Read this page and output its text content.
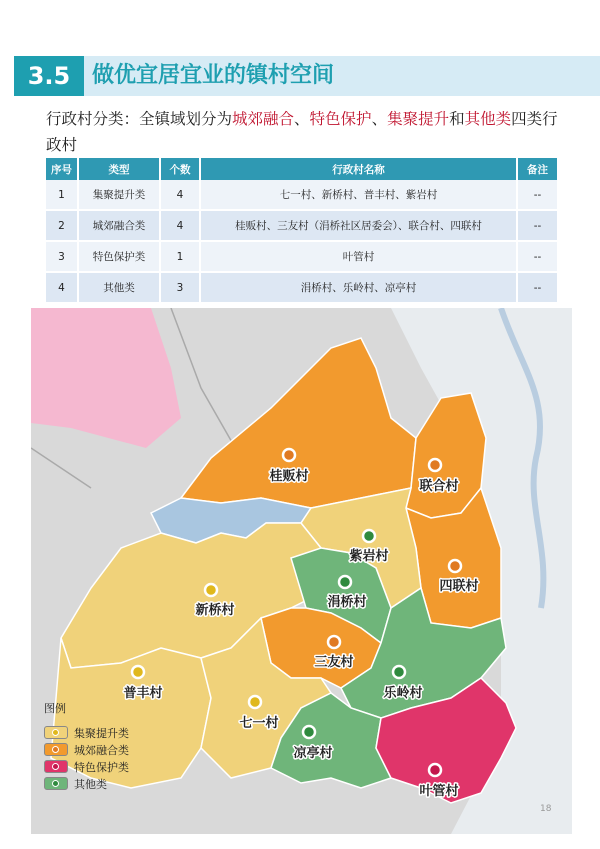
3.5 做优宜居宜业的镇村空间
行政村分类：全镇域划分为城郊融合、特色保护、集聚提升和其他类四类行政村
序号	类型	个数	行政村名称	备注
1	集聚提升类	4	七一村、新桥村、普丰村、紫岩村	--
2	城郊融合类	4	桂贩村、三友村（涓桥社区居委会）、联合村、四联村	--
3	特色保护类	1	叶管村	--
4	其他类	3	涓桥村、乐岭村、凉亭村	--
桂贩村
联合村
紫岩村
四联村
新桥村
涓桥村
三友村
普丰村	乐岭村
七一村
凉亭村
叶管村
图例
集聚提升类
城郊融合类
特色保护类
其他类
18
